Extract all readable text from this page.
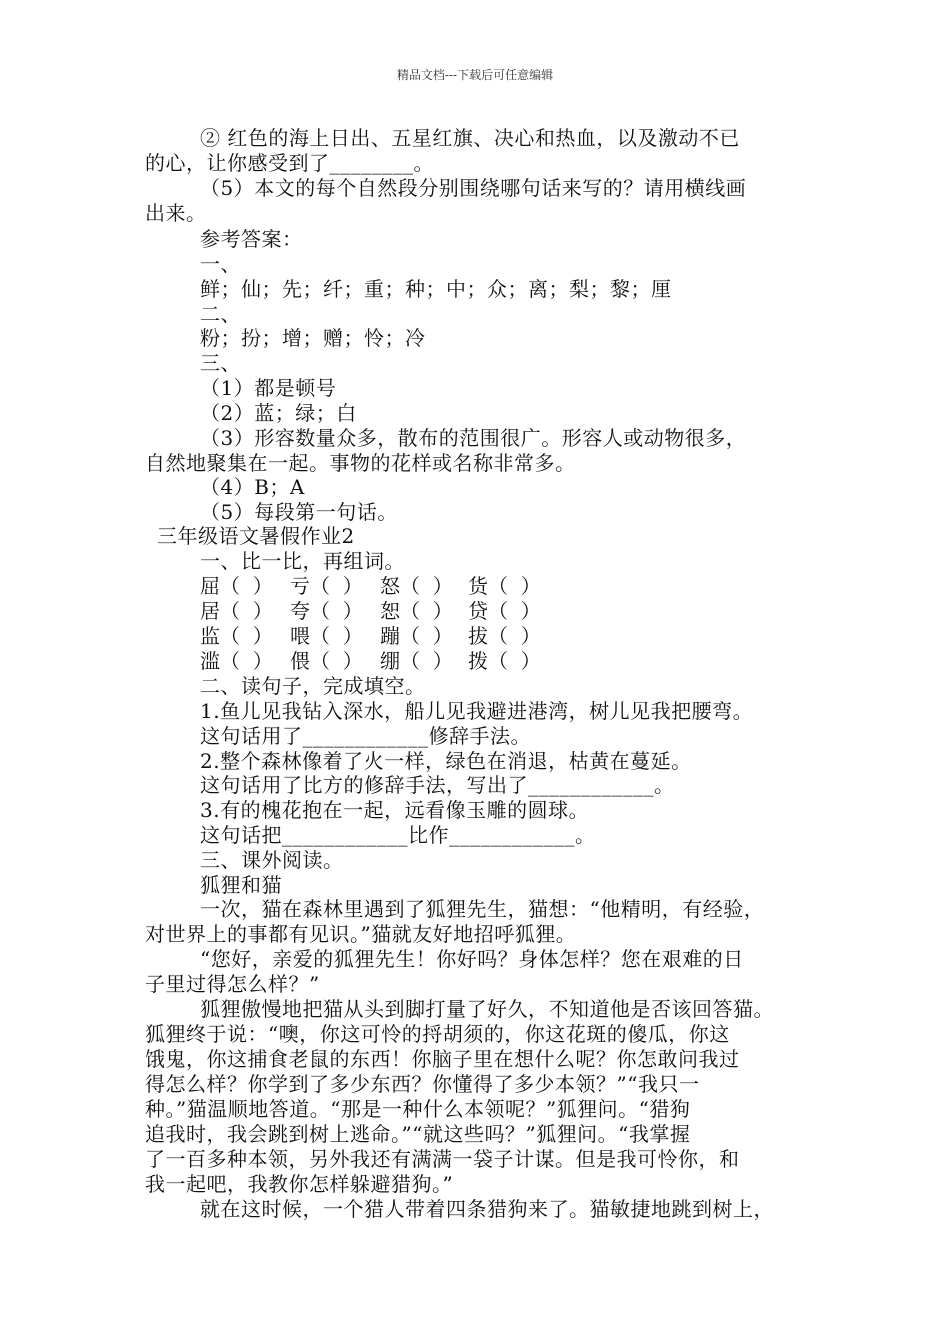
精品文档---下载后可任意编辑
② 红色的海上日出、五星红旗、决心和热血，以及激动不已
的心，让你感受到了________。
（5）本文的每个自然段分别围绕哪句话来写的？请用横线画
出来。
参考答案：
一、
鲜；仙；先；纤；重；种；中；众；离；梨；黎；厘
二、
粉；扮；增；赠；怜；冷
三、
（1）都是顿号
（2）蓝；绿；白
（3）形容数量众多，散布的范围很广。形容人或动物很多，
自然地聚集在一起。事物的花样或名称非常多。
（4）B；A
（5）每段第一句话。
三年级语文暑假作业2
一、比一比，再组词。
屈（  ） 亏（  ） 怒（  ） 货（  ）
居（  ） 夸（  ） 恕（  ） 贷（  ）
监（  ） 喂（  ） 蹦（  ） 拔（  ）
滥（  ） 偎（  ） 绷（  ） 拨（  ）
二、读句子，完成填空。
1.鱼儿见我钻入深水，船儿见我避进港湾，树儿见我把腰弯。
这句话用了____________修辞手法。
2.整个森林像着了火一样，绿色在消退，枯黄在蔓延。
这句话用了比方的修辞手法，写出了____________。
3.有的槐花抱在一起，远看像玉雕的圆球。
这句话把____________比作____________。
三、课外阅读。
狐狸和猫
一次，猫在森林里遇到了狐狸先生，猫想：“他精明，有经验，
对世界上的事都有见识。”猫就友好地招呼狐狸。
“您好，亲爱的狐狸先生！你好吗？身体怎样？您在艰难的日
子里过得怎么样？”
狐狸傲慢地把猫从头到脚打量了好久，不知道他是否该回答猫。
狐狸终于说：“噢，你这可怜的捋胡须的，你这花斑的傻瓜，你这
饿鬼，你这捕食老鼠的东西！你脑子里在想什么呢？你怎敢问我过
得怎么样？你学到了多少东西？你懂得了多少本领？”“我只一
种。”猫温顺地答道。“那是一种什么本领呢？”狐狸问。“猎狗
追我时，我会跳到树上逃命。”“就这些吗？”狐狸问。“我掌握
了一百多种本领，另外我还有满满一袋子计谋。但是我可怜你，和
我一起吧，我教你怎样躲避猎狗。”
就在这时候，一个猎人带着四条猎狗来了。猫敏捷地跳到树上，
